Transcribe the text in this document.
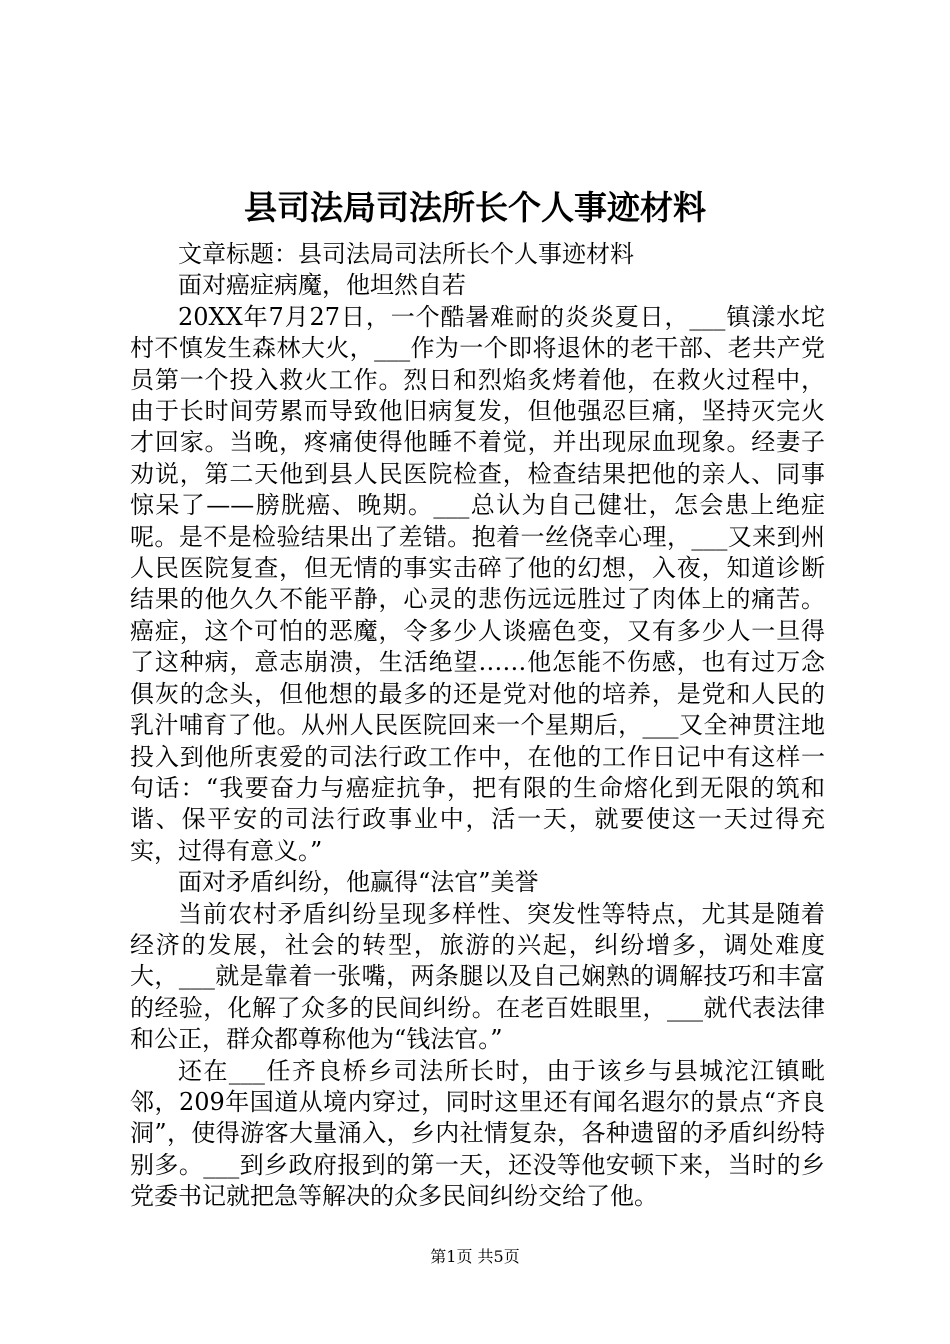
县司法局司法所长个人事迹材料

文章标题：县司法局司法所长个人事迹材料

面对癌症病魔，他坦然自若

20XX年7月27日，一个酷暑难耐的炎炎夏日，___镇漾水坨村不慎发生森林大火，___作为一个即将退休的老干部、老共产党员第一个投入救火工作。烈日和烈焰炙烤着他，在救火过程中，由于长时间劳累而导致他旧病复发，但他强忍巨痛，坚持灭完火才回家。当晚，疼痛使得他睡不着觉，并出现尿血现象。经妻子劝说，第二天他到县人民医院检查，检查结果把他的亲人、同事惊呆了——膀胱癌、晚期。___总认为自己健壮，怎会患上绝症呢。是不是检验结果出了差错。抱着一丝侥幸心理，___又来到州人民医院复查，但无情的事实击碎了他的幻想，入夜，知道诊断结果的他久久不能平静，心灵的悲伤远远胜过了肉体上的痛苦。癌症，这个可怕的恶魔，令多少人谈癌色变，又有多少人一旦得了这种病，意志崩溃，生活绝望……他怎能不伤感，也有过万念俱灰的念头，但他想的最多的还是党对他的培养，是党和人民的乳汁哺育了他。从州人民医院回来一个星期后，___又全神贯注地投入到他所衷爱的司法行政工作中，在他的工作日记中有这样一句话：“我要奋力与癌症抗争，把有限的生命熔化到无限的筑和谐、保平安的司法行政事业中，活一天，就要使这一天过得充实，过得有意义。”

面对矛盾纠纷，他赢得“法官”美誉

当前农村矛盾纠纷呈现多样性、突发性等特点，尤其是随着经济的发展，社会的转型，旅游的兴起，纠纷增多，调处难度大，___就是靠着一张嘴，两条腿以及自己娴熟的调解技巧和丰富的经验，化解了众多的民间纠纷。在老百姓眼里，___就代表法律和公正，群众都尊称他为“钱法官。”

还在___任齐良桥乡司法所长时，由于该乡与县城沱江镇毗邻，209年国道从境内穿过，同时这里还有闻名遐尔的景点“齐良洞”，使得游客大量涌入，乡内社情复杂，各种遗留的矛盾纠纷特别多。___到乡政府报到的第一天，还没等他安顿下来，当时的乡党委书记就把急等解决的众多民间纠纷交给了他。

第1页 共5页
